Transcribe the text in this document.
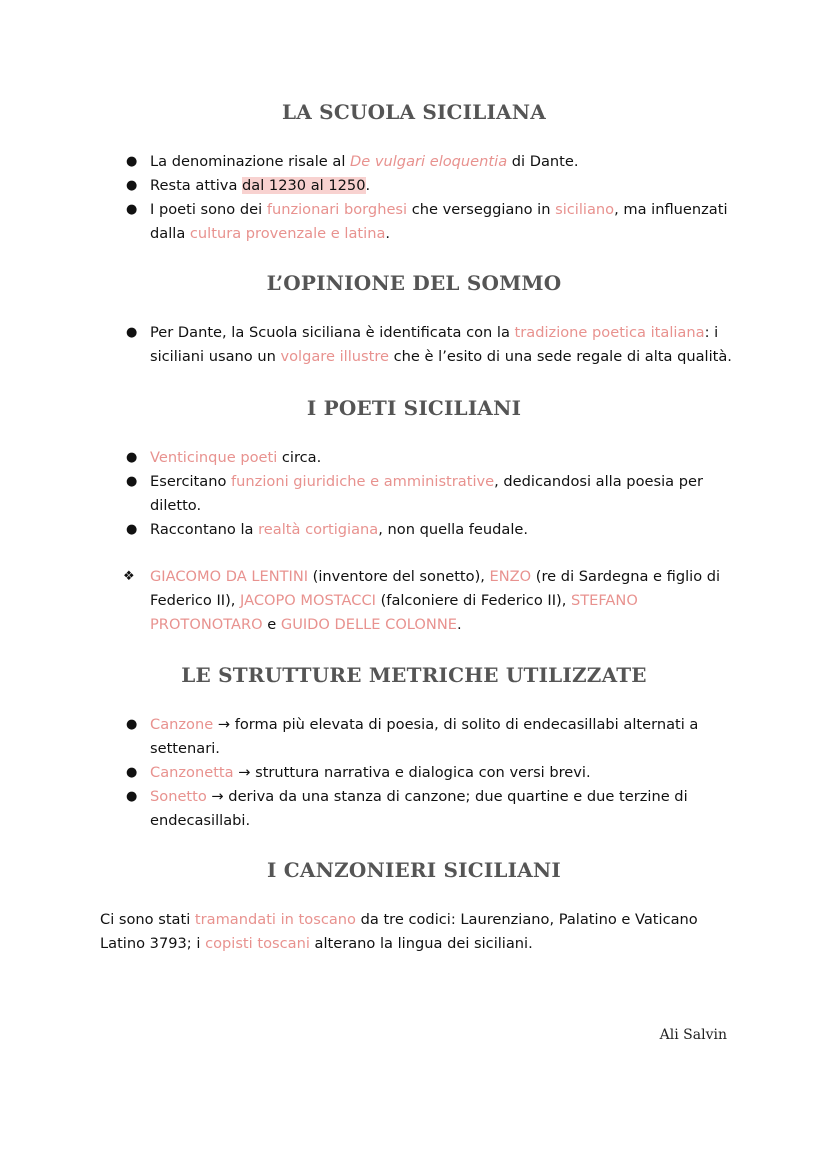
LA SCUOLA SICILIANA
● La denominazione risale al De vulgari eloquentia di Dante.
● Resta attiva dal 1230 al 1250.
● I poeti sono dei funzionari borghesi che verseggiano in siciliano, ma influenzati dalla cultura provenzale e latina.
L’OPINIONE DEL SOMMO
● Per Dante, la Scuola siciliana è identificata con la tradizione poetica italiana: i siciliani usano un volgare illustre che è l’esito di una sede regale di alta qualità.
I POETI SICILIANI
● Venticinque poeti circa.
● Esercitano funzioni giuridiche e amministrative, dedicandosi alla poesia per diletto.
● Raccontano la realtà cortigiana, non quella feudale.
❖ GIACOMO DA LENTINI (inventore del sonetto), ENZO (re di Sardegna e figlio di Federico II), JACOPO MOSTACCI (falconiere di Federico II), STEFANO PROTONOTARO e GUIDO DELLE COLONNE.
LE STRUTTURE METRICHE UTILIZZATE
● Canzone → forma più elevata di poesia, di solito di endecasillabi alternati a settenari.
● Canzonetta → struttura narrativa e dialogica con versi brevi.
● Sonetto → deriva da una stanza di canzone; due quartine e due terzine di endecasillabi.
I CANZONIERI SICILIANI

Ci sono stati tramandati in toscano da tre codici: Laurenziano, Palatino e Vaticano Latino 3793; i copisti toscani alterano la lingua dei siciliani.

Ali Salvin
